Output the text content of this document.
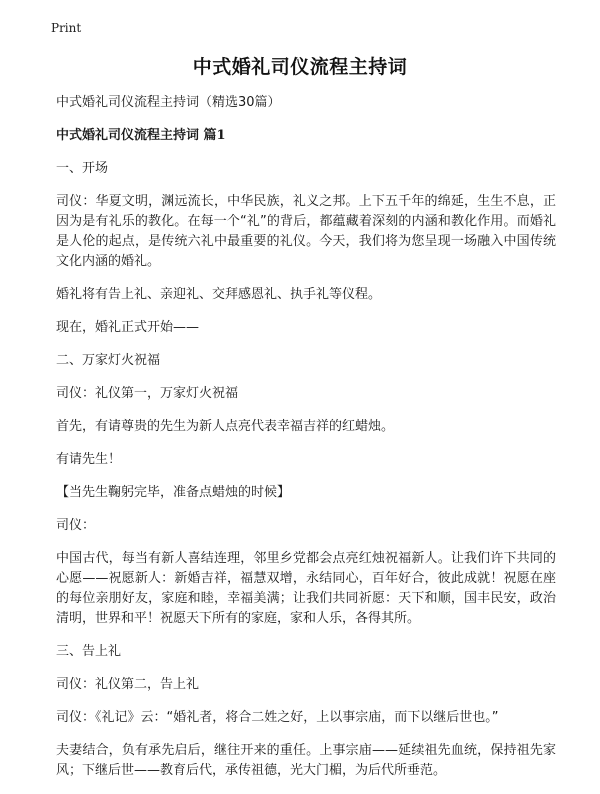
Print
中式婚礼司仪流程主持词

中式婚礼司仪流程主持词（精选30篇）

中式婚礼司仪流程主持词 篇1

一、开场

司仪：华夏文明，渊远流长，中华民族，礼义之邦。上下五千年的绵延，生生不息，正因为是有礼乐的教化。在每一个“礼”的背后，都蕴藏着深刻的内涵和教化作用。而婚礼是人伦的起点，是传统六礼中最重要的礼仪。今天，我们将为您呈现一场融入中国传统文化内涵的婚礼。

婚礼将有告上礼、亲迎礼、交拜感恩礼、执手礼等仪程。

现在，婚礼正式开始——

二、万家灯火祝福

司仪：礼仪第一，万家灯火祝福

首先，有请尊贵的先生为新人点亮代表幸福吉祥的红蜡烛。

有请先生！

【当先生鞠躬完毕，准备点蜡烛的时候】

司仪：

中国古代，每当有新人喜结连理，邻里乡党都会点亮红烛祝福新人。让我们许下共同的心愿——祝愿新人：新婚吉祥，福慧双增，永结同心，百年好合，彼此成就！祝愿在座的每位亲朋好友，家庭和睦，幸福美满；让我们共同祈愿：天下和顺，国丰民安，政治清明，世界和平！祝愿天下所有的家庭，家和人乐，各得其所。

三、告上礼

司仪：礼仪第二，告上礼

司仪：《礼记》云：“婚礼者，将合二姓之好，上以事宗庙，而下以继后世也。”

夫妻结合，负有承先启后，继往开来的重任。上事宗庙——延续祖先血统，保持祖先家风；下继后世——教育后代，承传祖德，光大门楣，为后代所垂范。
